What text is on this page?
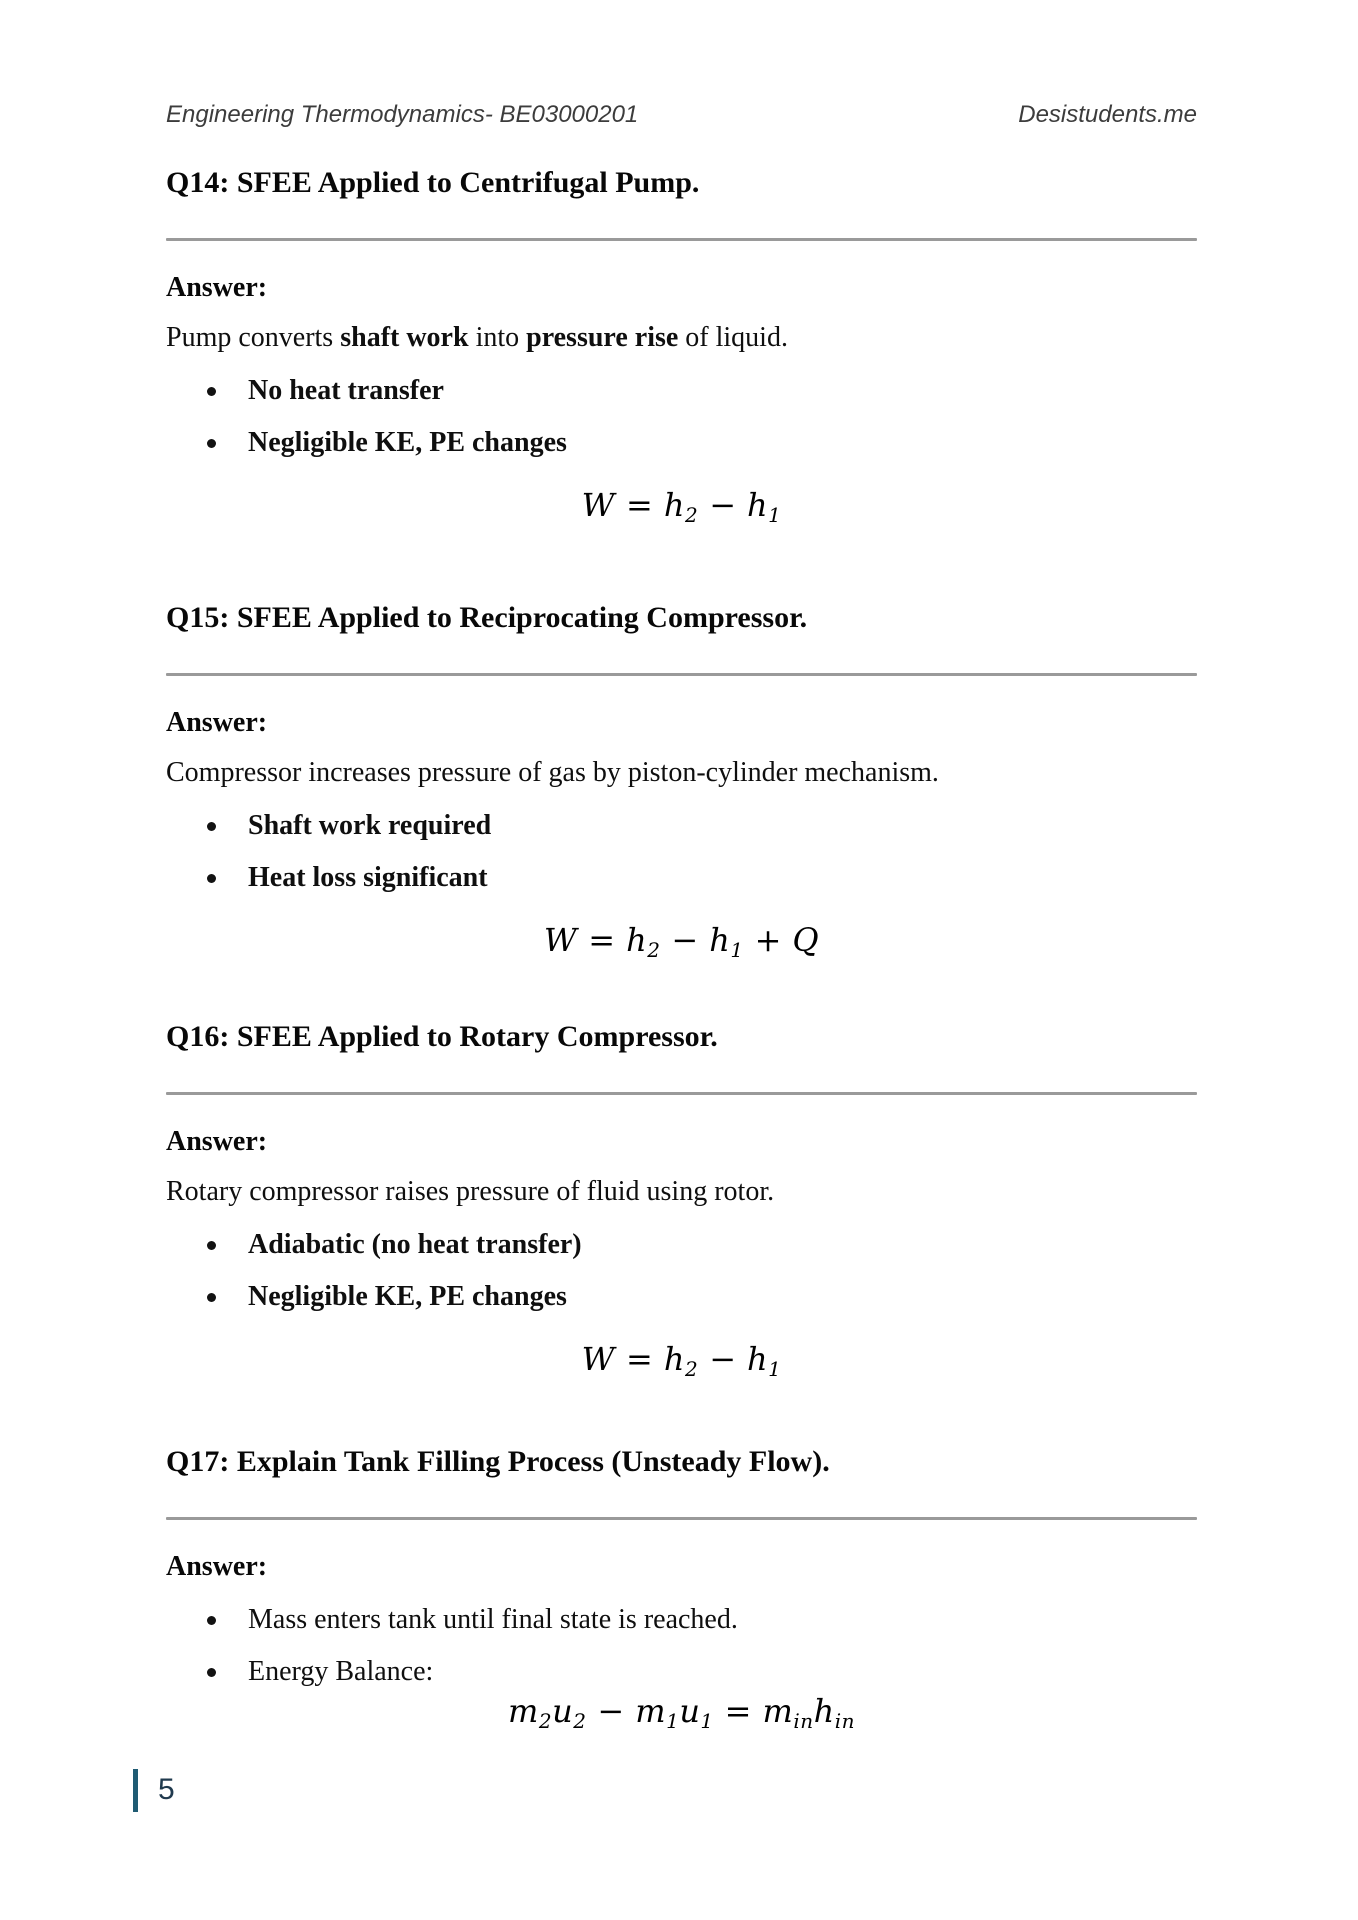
Engineering Thermodynamics- BE03000201	Desistudents.me
Q14: SFEE Applied to Centrifugal Pump.

Answer:

Pump converts shaft work into pressure rise of liquid.

No heat transfer
Negligible KE, PE changes
$W = h_2 - h_1$
Q15: SFEE Applied to Reciprocating Compressor.

Answer:

Compressor increases pressure of gas by piston-cylinder mechanism.

Shaft work required
Heat loss significant
$W = h_2 - h_1 + Q$
Q16: SFEE Applied to Rotary Compressor.

Answer:

Rotary compressor raises pressure of fluid using rotor.

Adiabatic (no heat transfer)
Negligible KE, PE changes
$W = h_2 - h_1$
Q17: Explain Tank Filling Process (Unsteady Flow).

Answer:

Mass enters tank until final state is reached.
Energy Balance:
$m_2u_2 - m_1u_1 = m_{in}h_{in}$
5
